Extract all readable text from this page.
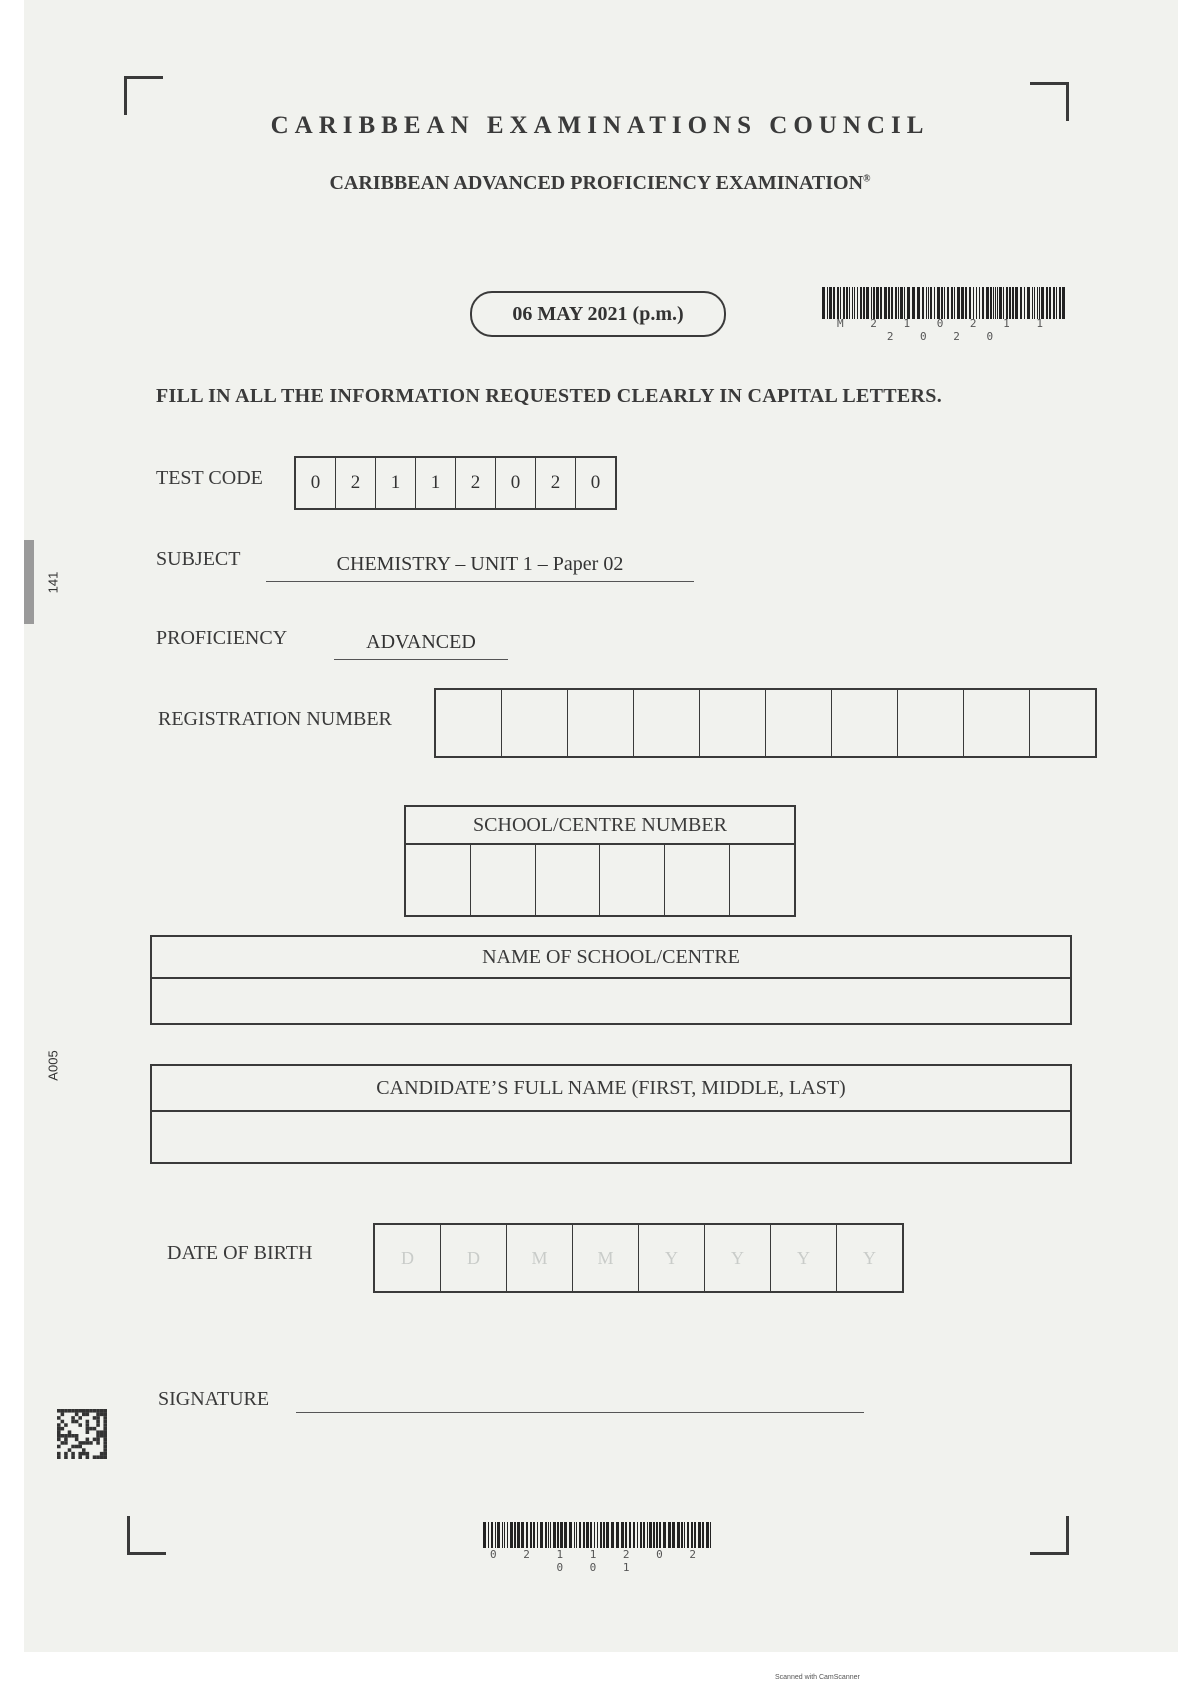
CARIBBEAN EXAMINATIONS COUNCIL
CARIBBEAN ADVANCED PROFICIENCY EXAMINATION®
06 MAY 2021 (p.m.)	M 2 1 0 2 1 1 2 0 2 0
FILL IN ALL THE INFORMATION REQUESTED CLEARLY IN CAPITAL LETTERS.
TEST CODE	0	2	1	1	2	0	2	0
SUBJECT	CHEMISTRY – UNIT 1 – Paper 02
PROFICIENCY	ADVANCED
REGISTRATION NUMBER
SCHOOL/CENTRE NUMBER
NAME OF SCHOOL/CENTRE
CANDIDATE’S FULL NAME (FIRST, MIDDLE, LAST)
DATE OF BIRTH	D	D	M	M	Y	Y	Y	Y
SIGNATURE
0 2 1 1 2 0 2 0 0 1
141
A005
Scanned with CamScanner
